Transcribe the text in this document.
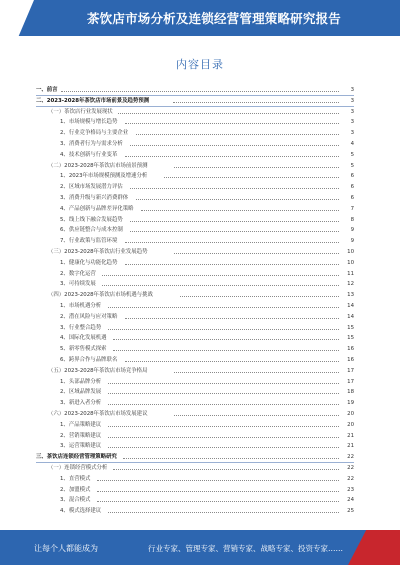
茶饮店市场分析及连锁经营管理策略研究报告
内容目录
一、前言	3
二、2023-2028年茶饮店市场前景及趋势预测	3
（一）茶饮店行业发展现状	3
1、市场规模与增长趋势	3
2、行业竞争格局与主要企业	3
3、消费者行为与需求分析	4
4、技术创新与行业变革	5
（二）2023-2028年茶饮店市场前景预测	5
1、2023年市场规模预测及增速分析	6
2、区域市场发展潜力评估	6
3、消费升级与新兴消费群体	6
4、产品创新与品牌差异化策略	7
5、线上线下融合发展趋势	8
6、供应链整合与成本控制	9
7、行业政策与监管环境	9
（三）2023-2028年茶饮店行业发展趋势	10
1、健康化与功能化趋势	10
2、数字化运营	11
3、可持续发展	12
（四）2023-2028年茶饮店市场机遇与挑战	13
1、市场机遇分析	14
2、潜在风险与应对策略	14
3、行业整合趋势	15
4、国际化发展机遇	15
5、新零售模式探索	16
6、跨界合作与品牌联名	16
（五）2023-2028年茶饮店市场竞争格局	17
1、头部品牌分析	17
2、区域品牌发展	18
3、新进入者分析	19
（六）2023-2028年茶饮店市场发展建议	20
1、产品策略建议	20
2、营销策略建议	21
3、运营策略建议	21
三、茶饮店连锁经营管理策略研究	22
（一）连锁经营模式分析	22
1、直营模式	22
2、加盟模式	23
3、混合模式	24
4、模式选择建议	25
让每个人都能成为	行业专家、管理专家、营销专家、战略专家、投资专家……
